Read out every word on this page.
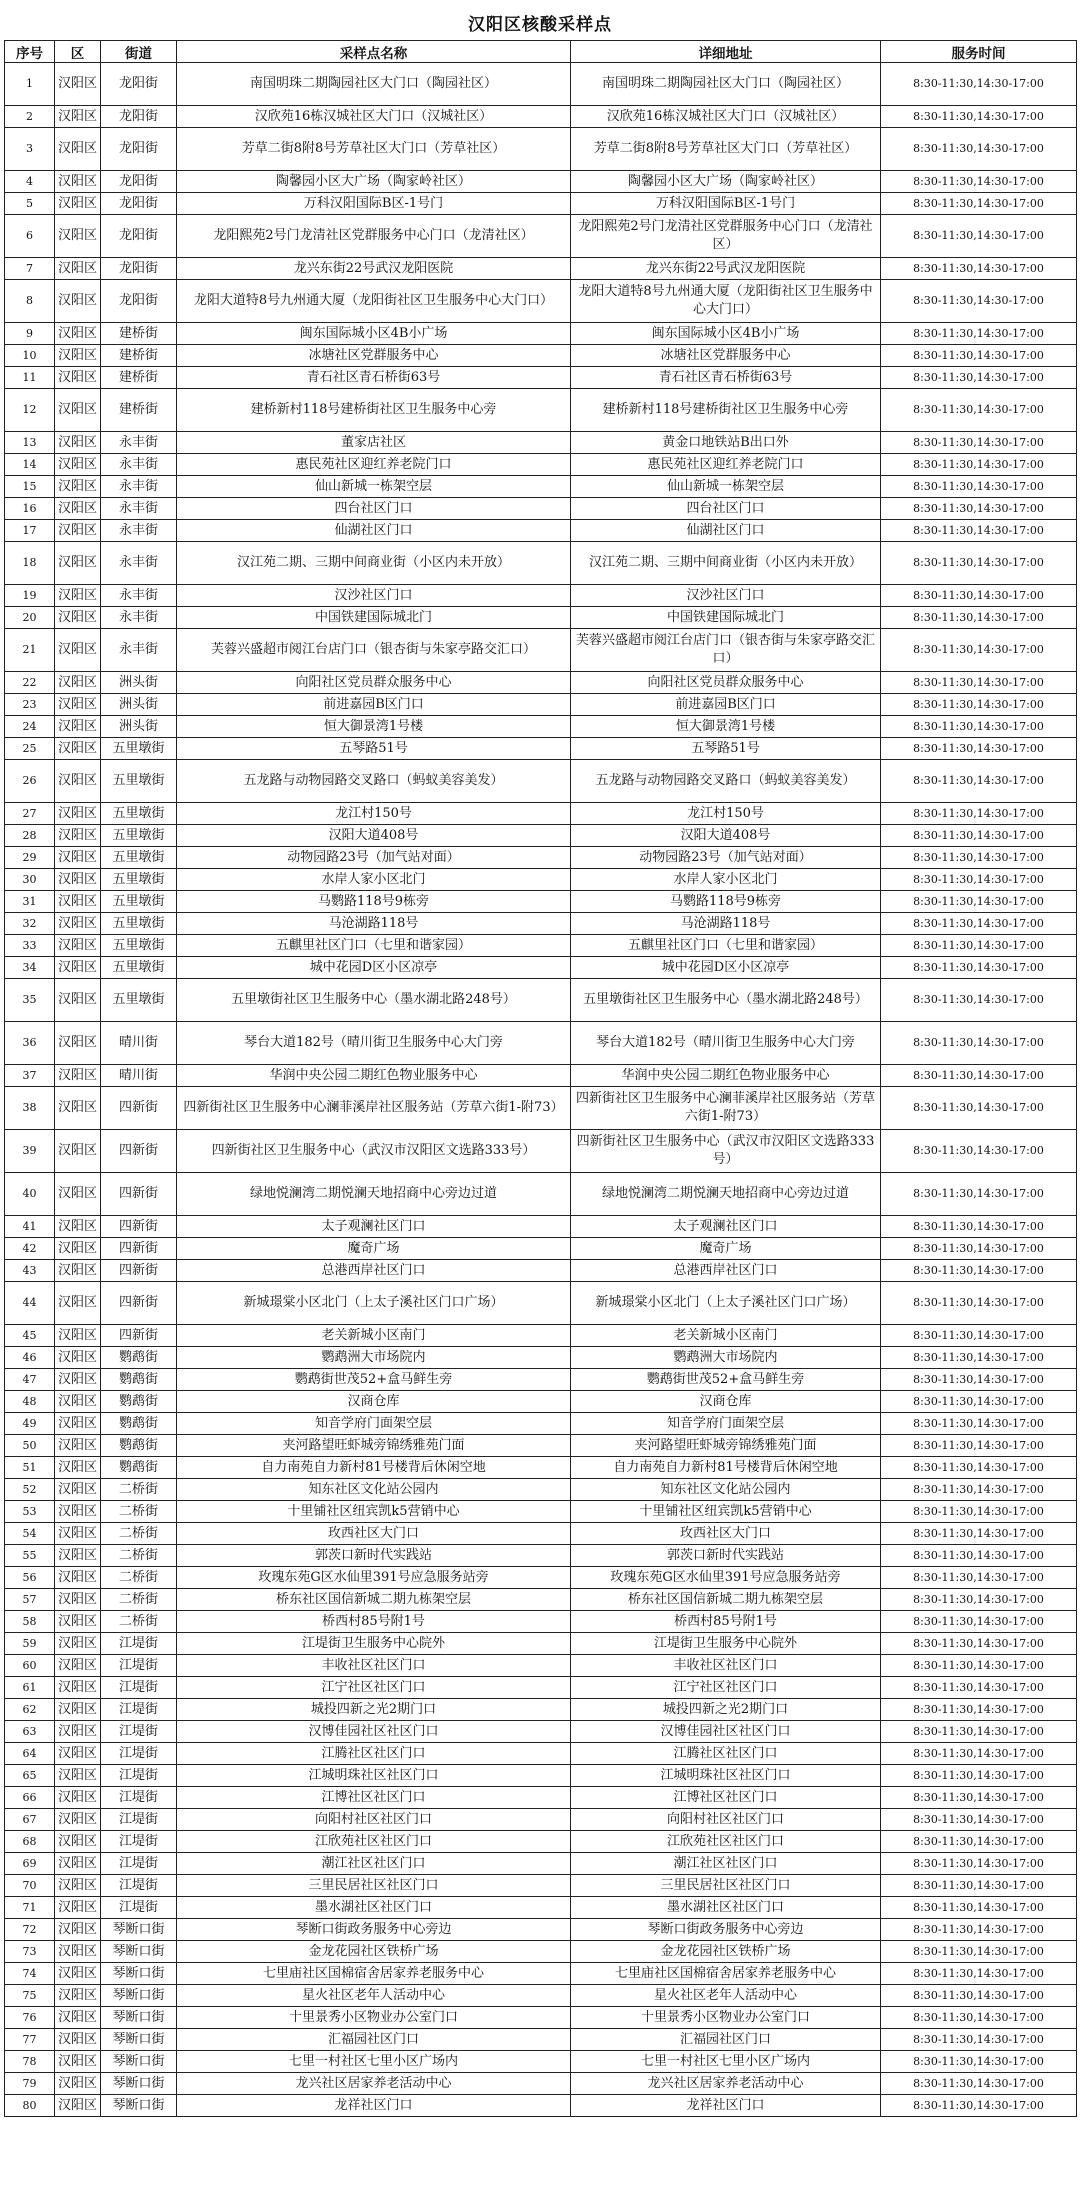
汉阳区核酸采样点
序号	区	街道	采样点名称	详细地址	服务时间
1	汉阳区	龙阳街	南国明珠二期陶园社区大门口（陶园社区）	南国明珠二期陶园社区大门口（陶园社区）	8:30-11:30,14:30-17:00
2	汉阳区	龙阳街	汉欣苑16栋汉城社区大门口（汉城社区）	汉欣苑16栋汉城社区大门口（汉城社区）	8:30-11:30,14:30-17:00
3	汉阳区	龙阳街	芳草二街8附8号芳草社区大门口（芳草社区）	芳草二街8附8号芳草社区大门口（芳草社区）	8:30-11:30,14:30-17:00
4	汉阳区	龙阳街	陶馨园小区大广场（陶家岭社区）	陶馨园小区大广场（陶家岭社区）	8:30-11:30,14:30-17:00
5	汉阳区	龙阳街	万科汉阳国际B区-1号门	万科汉阳国际B区-1号门	8:30-11:30,14:30-17:00
6	汉阳区	龙阳街	龙阳熙苑2号门龙清社区党群服务中心门口（龙清社区）	龙阳熙苑2号门龙清社区党群服务中心门口（龙清社区）	8:30-11:30,14:30-17:00
7	汉阳区	龙阳街	龙兴东街22号武汉龙阳医院	龙兴东街22号武汉龙阳医院	8:30-11:30,14:30-17:00
8	汉阳区	龙阳街	龙阳大道特8号九州通大厦（龙阳街社区卫生服务中心大门口）	龙阳大道特8号九州通大厦（龙阳街社区卫生服务中心大门口）	8:30-11:30,14:30-17:00
9	汉阳区	建桥街	闽东国际城小区4B小广场	闽东国际城小区4B小广场	8:30-11:30,14:30-17:00
10	汉阳区	建桥街	冰塘社区党群服务中心	冰塘社区党群服务中心	8:30-11:30,14:30-17:00
11	汉阳区	建桥街	青石社区青石桥街63号	青石社区青石桥街63号	8:30-11:30,14:30-17:00
12	汉阳区	建桥街	建桥新村118号建桥街社区卫生服务中心旁	建桥新村118号建桥街社区卫生服务中心旁	8:30-11:30,14:30-17:00
13	汉阳区	永丰街	董家店社区	黄金口地铁站B出口外	8:30-11:30,14:30-17:00
14	汉阳区	永丰街	惠民苑社区迎红养老院门口	惠民苑社区迎红养老院门口	8:30-11:30,14:30-17:00
15	汉阳区	永丰街	仙山新城一栋架空层	仙山新城一栋架空层	8:30-11:30,14:30-17:00
16	汉阳区	永丰街	四台社区门口	四台社区门口	8:30-11:30,14:30-17:00
17	汉阳区	永丰街	仙湖社区门口	仙湖社区门口	8:30-11:30,14:30-17:00
18	汉阳区	永丰街	汉江苑二期、三期中间商业街（小区内未开放）	汉江苑二期、三期中间商业街（小区内未开放）	8:30-11:30,14:30-17:00
19	汉阳区	永丰街	汉沙社区门口	汉沙社区门口	8:30-11:30,14:30-17:00
20	汉阳区	永丰街	中国铁建国际城北门	中国铁建国际城北门	8:30-11:30,14:30-17:00
21	汉阳区	永丰街	芙蓉兴盛超市阅江台店门口（银杏街与朱家亭路交汇口）	芙蓉兴盛超市阅江台店门口（银杏街与朱家亭路交汇口）	8:30-11:30,14:30-17:00
22	汉阳区	洲头街	向阳社区党员群众服务中心	向阳社区党员群众服务中心	8:30-11:30,14:30-17:00
23	汉阳区	洲头街	前进嘉园B区门口	前进嘉园B区门口	8:30-11:30,14:30-17:00
24	汉阳区	洲头街	恒大御景湾1号楼	恒大御景湾1号楼	8:30-11:30,14:30-17:00
25	汉阳区	五里墩街	五琴路51号	五琴路51号	8:30-11:30,14:30-17:00
26	汉阳区	五里墩街	五龙路与动物园路交叉路口（蚂蚁美容美发）	五龙路与动物园路交叉路口（蚂蚁美容美发）	8:30-11:30,14:30-17:00
27	汉阳区	五里墩街	龙江村150号	龙江村150号	8:30-11:30,14:30-17:00
28	汉阳区	五里墩街	汉阳大道408号	汉阳大道408号	8:30-11:30,14:30-17:00
29	汉阳区	五里墩街	动物园路23号（加气站对面）	动物园路23号（加气站对面）	8:30-11:30,14:30-17:00
30	汉阳区	五里墩街	水岸人家小区北门	水岸人家小区北门	8:30-11:30,14:30-17:00
31	汉阳区	五里墩街	马鹦路118号9栋旁	马鹦路118号9栋旁	8:30-11:30,14:30-17:00
32	汉阳区	五里墩街	马沧湖路118号	马沧湖路118号	8:30-11:30,14:30-17:00
33	汉阳区	五里墩街	五麒里社区门口（七里和谐家园）	五麒里社区门口（七里和谐家园）	8:30-11:30,14:30-17:00
34	汉阳区	五里墩街	城中花园D区小区凉亭	城中花园D区小区凉亭	8:30-11:30,14:30-17:00
35	汉阳区	五里墩街	五里墩街社区卫生服务中心（墨水湖北路248号）	五里墩街社区卫生服务中心（墨水湖北路248号）	8:30-11:30,14:30-17:00
36	汉阳区	晴川街	琴台大道182号（晴川街卫生服务中心大门旁	琴台大道182号（晴川街卫生服务中心大门旁	8:30-11:30,14:30-17:00
37	汉阳区	晴川街	华润中央公园二期红色物业服务中心	华润中央公园二期红色物业服务中心	8:30-11:30,14:30-17:00
38	汉阳区	四新街	四新街社区卫生服务中心澜菲溪岸社区服务站（芳草六街1-附73）	四新街社区卫生服务中心澜菲溪岸社区服务站（芳草六街1-附73）	8:30-11:30,14:30-17:00
39	汉阳区	四新街	四新街社区卫生服务中心（武汉市汉阳区文选路333号）	四新街社区卫生服务中心（武汉市汉阳区文选路333号）	8:30-11:30,14:30-17:00
40	汉阳区	四新街	绿地悦澜湾二期悦澜天地招商中心旁边过道	绿地悦澜湾二期悦澜天地招商中心旁边过道	8:30-11:30,14:30-17:00
41	汉阳区	四新街	太子观澜社区门口	太子观澜社区门口	8:30-11:30,14:30-17:00
42	汉阳区	四新街	魔奇广场	魔奇广场	8:30-11:30,14:30-17:00
43	汉阳区	四新街	总港西岸社区门口	总港西岸社区门口	8:30-11:30,14:30-17:00
44	汉阳区	四新街	新城璟棠小区北门（上太子溪社区门口广场）	新城璟棠小区北门（上太子溪社区门口广场）	8:30-11:30,14:30-17:00
45	汉阳区	四新街	老关新城小区南门	老关新城小区南门	8:30-11:30,14:30-17:00
46	汉阳区	鹦鹉街	鹦鹉洲大市场院内	鹦鹉洲大市场院内	8:30-11:30,14:30-17:00
47	汉阳区	鹦鹉街	鹦鹉街世茂52+盒马鲜生旁	鹦鹉街世茂52+盒马鲜生旁	8:30-11:30,14:30-17:00
48	汉阳区	鹦鹉街	汉商仓库	汉商仓库	8:30-11:30,14:30-17:00
49	汉阳区	鹦鹉街	知音学府门面架空层	知音学府门面架空层	8:30-11:30,14:30-17:00
50	汉阳区	鹦鹉街	夹河路望旺虾城旁锦绣雅苑门面	夹河路望旺虾城旁锦绣雅苑门面	8:30-11:30,14:30-17:00
51	汉阳区	鹦鹉街	自力南苑自力新村81号楼背后休闲空地	自力南苑自力新村81号楼背后休闲空地	8:30-11:30,14:30-17:00
52	汉阳区	二桥街	知东社区文化站公园内	知东社区文化站公园内	8:30-11:30,14:30-17:00
53	汉阳区	二桥街	十里铺社区纽宾凯k5营销中心	十里铺社区纽宾凯k5营销中心	8:30-11:30,14:30-17:00
54	汉阳区	二桥街	玫西社区大门口	玫西社区大门口	8:30-11:30,14:30-17:00
55	汉阳区	二桥街	郭茨口新时代实践站	郭茨口新时代实践站	8:30-11:30,14:30-17:00
56	汉阳区	二桥街	玫瑰东苑G区水仙里391号应急服务站旁	玫瑰东苑G区水仙里391号应急服务站旁	8:30-11:30,14:30-17:00
57	汉阳区	二桥街	桥东社区国信新城二期九栋架空层	桥东社区国信新城二期九栋架空层	8:30-11:30,14:30-17:00
58	汉阳区	二桥街	桥西村85号附1号	桥西村85号附1号	8:30-11:30,14:30-17:00
59	汉阳区	江堤街	江堤街卫生服务中心院外	江堤街卫生服务中心院外	8:30-11:30,14:30-17:00
60	汉阳区	江堤街	丰收社区社区门口	丰收社区社区门口	8:30-11:30,14:30-17:00
61	汉阳区	江堤街	江宁社区社区门口	江宁社区社区门口	8:30-11:30,14:30-17:00
62	汉阳区	江堤街	城投四新之光2期门口	城投四新之光2期门口	8:30-11:30,14:30-17:00
63	汉阳区	江堤街	汉博佳园社区社区门口	汉博佳园社区社区门口	8:30-11:30,14:30-17:00
64	汉阳区	江堤街	江腾社区社区门口	江腾社区社区门口	8:30-11:30,14:30-17:00
65	汉阳区	江堤街	江城明珠社区社区门口	江城明珠社区社区门口	8:30-11:30,14:30-17:00
66	汉阳区	江堤街	江博社区社区门口	江博社区社区门口	8:30-11:30,14:30-17:00
67	汉阳区	江堤街	向阳村社区社区门口	向阳村社区社区门口	8:30-11:30,14:30-17:00
68	汉阳区	江堤街	江欣苑社区社区门口	江欣苑社区社区门口	8:30-11:30,14:30-17:00
69	汉阳区	江堤街	潮江社区社区门口	潮江社区社区门口	8:30-11:30,14:30-17:00
70	汉阳区	江堤街	三里民居社区社区门口	三里民居社区社区门口	8:30-11:30,14:30-17:00
71	汉阳区	江堤街	墨水湖社区社区门口	墨水湖社区社区门口	8:30-11:30,14:30-17:00
72	汉阳区	琴断口街	琴断口街政务服务中心旁边	琴断口街政务服务中心旁边	8:30-11:30,14:30-17:00
73	汉阳区	琴断口街	金龙花园社区铁桥广场	金龙花园社区铁桥广场	8:30-11:30,14:30-17:00
74	汉阳区	琴断口街	七里庙社区国棉宿舍居家养老服务中心	七里庙社区国棉宿舍居家养老服务中心	8:30-11:30,14:30-17:00
75	汉阳区	琴断口街	星火社区老年人活动中心	星火社区老年人活动中心	8:30-11:30,14:30-17:00
76	汉阳区	琴断口街	十里景秀小区物业办公室门口	十里景秀小区物业办公室门口	8:30-11:30,14:30-17:00
77	汉阳区	琴断口街	汇福园社区门口	汇福园社区门口	8:30-11:30,14:30-17:00
78	汉阳区	琴断口街	七里一村社区七里小区广场内	七里一村社区七里小区广场内	8:30-11:30,14:30-17:00
79	汉阳区	琴断口街	龙兴社区居家养老活动中心	龙兴社区居家养老活动中心	8:30-11:30,14:30-17:00
80	汉阳区	琴断口街	龙祥社区门口	龙祥社区门口	8:30-11:30,14:30-17:00
